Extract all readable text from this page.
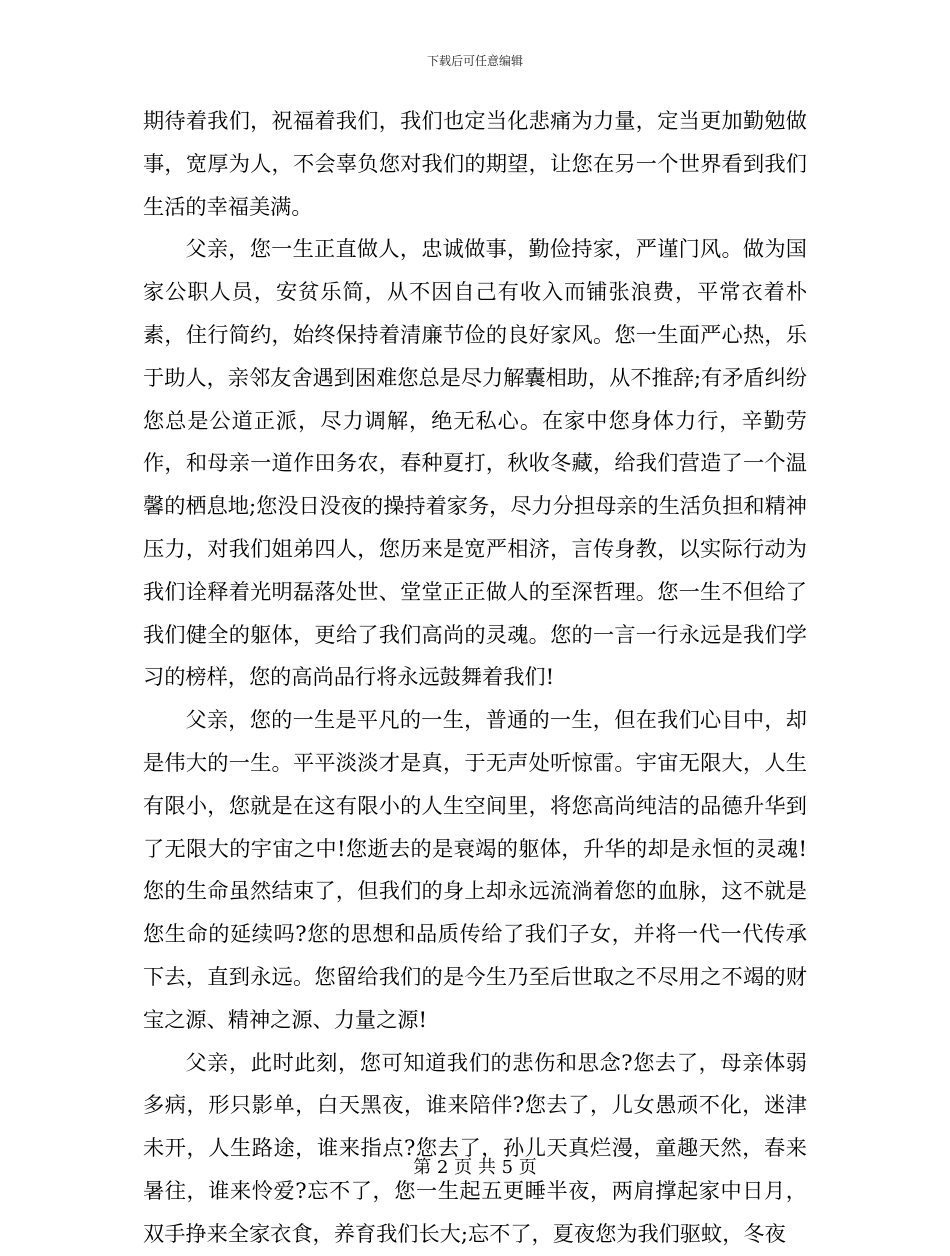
下载后可任意编辑

期待着我们，祝福着我们，我们也定当化悲痛为力量，定当更加勤勉做事，宽厚为人，不会辜负您对我们的期望，让您在另一个世界看到我们生活的幸福美满。

父亲，您一生正直做人，忠诚做事，勤俭持家，严谨门风。做为国家公职人员，安贫乐简，从不因自己有收入而铺张浪费，平常衣着朴素，住行简约，始终保持着清廉节俭的良好家风。您一生面严心热，乐于助人，亲邻友舍遇到困难您总是尽力解囊相助，从不推辞;有矛盾纠纷您总是公道正派，尽力调解，绝无私心。在家中您身体力行，辛勤劳作，和母亲一道作田务农，春种夏打，秋收冬藏，给我们营造了一个温馨的栖息地;您没日没夜的操持着家务，尽力分担母亲的生活负担和精神压力，对我们姐弟四人，您历来是宽严相济，言传身教，以实际行动为我们诠释着光明磊落处世、堂堂正正做人的至深哲理。您一生不但给了我们健全的躯体，更给了我们高尚的灵魂。您的一言一行永远是我们学习的榜样，您的高尚品行将永远鼓舞着我们!

父亲，您的一生是平凡的一生，普通的一生，但在我们心目中，却是伟大的一生。平平淡淡才是真，于无声处听惊雷。宇宙无限大，人生有限小，您就是在这有限小的人生空间里，将您高尚纯洁的品德升华到了无限大的宇宙之中!您逝去的是衰竭的躯体，升华的却是永恒的灵魂!您的生命虽然结束了，但我们的身上却永远流淌着您的血脉，这不就是您生命的延续吗?您的思想和品质传给了我们子女，并将一代一代传承下去，直到永远。您留给我们的是今生乃至后世取之不尽用之不竭的财宝之源、精神之源、力量之源!

父亲，此时此刻，您可知道我们的悲伤和思念?您去了，母亲体弱多病，形只影单，白天黑夜，谁来陪伴?您去了，儿女愚顽不化，迷津未开，人生路途，谁来指点?您去了，孙儿天真烂漫，童趣天然，春来暑往，谁来怜爱?忘不了，您一生起五更睡半夜，两肩撑起家中日月，双手挣来全家衣食，养育我们长大;忘不了，夏夜您为我们驱蚊，冬夜

第 2 页 共 5 页
